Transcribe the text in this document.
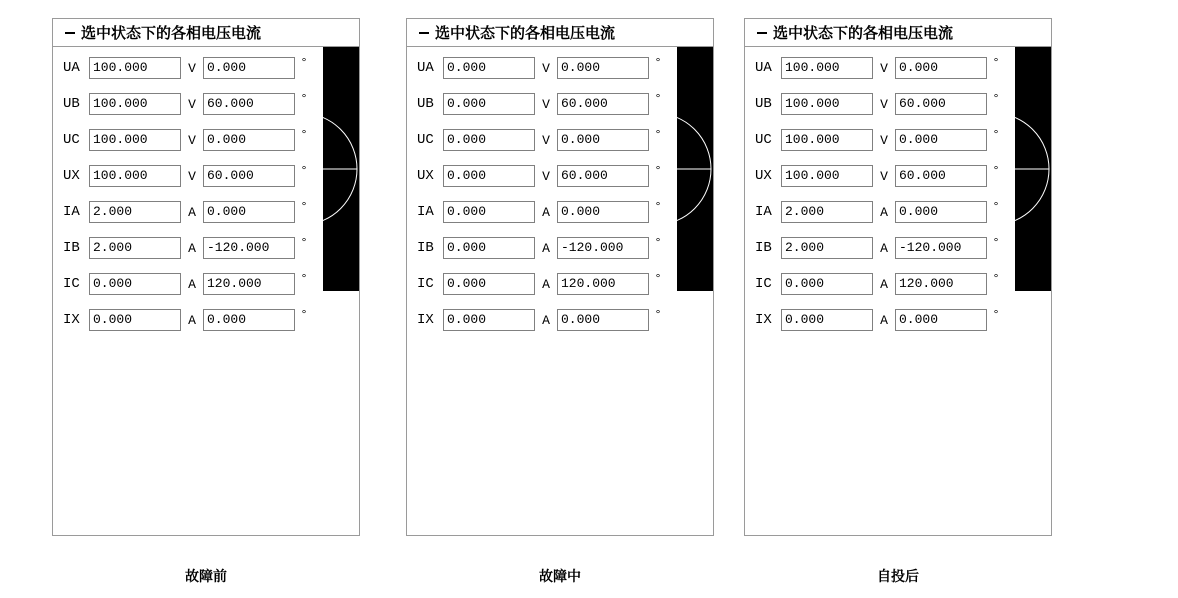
选中状态下的各相电压电流
UA	100.000	V 0.000	°
UB	100.000	V 60.000	°
UC	100.000	V 0.000	°
UX	100.000	V 60.000	°
IA	2.000	A 0.000	°
IB	2.000	A -120.000	°
IC	0.000	A 120.000	°
IX	0.000	A 0.000	°
故障前
选中状态下的各相电压电流
UA	0.000	V 0.000	°
UB	0.000	V 60.000	°
UC	0.000	V 0.000	°
UX	0.000	V 60.000	°
IA	0.000	A 0.000	°
IB	0.000	A -120.000	°
IC	0.000	A 120.000	°
IX	0.000	A 0.000	°
故障中
选中状态下的各相电压电流
UA	100.000	V 0.000	°
UB	100.000	V 60.000	°
UC	100.000	V 0.000	°
UX	100.000	V 60.000	°
IA	2.000	A 0.000	°
IB	2.000	A -120.000	°
IC	0.000	A 120.000	°
IX	0.000	A 0.000	°
自投后
